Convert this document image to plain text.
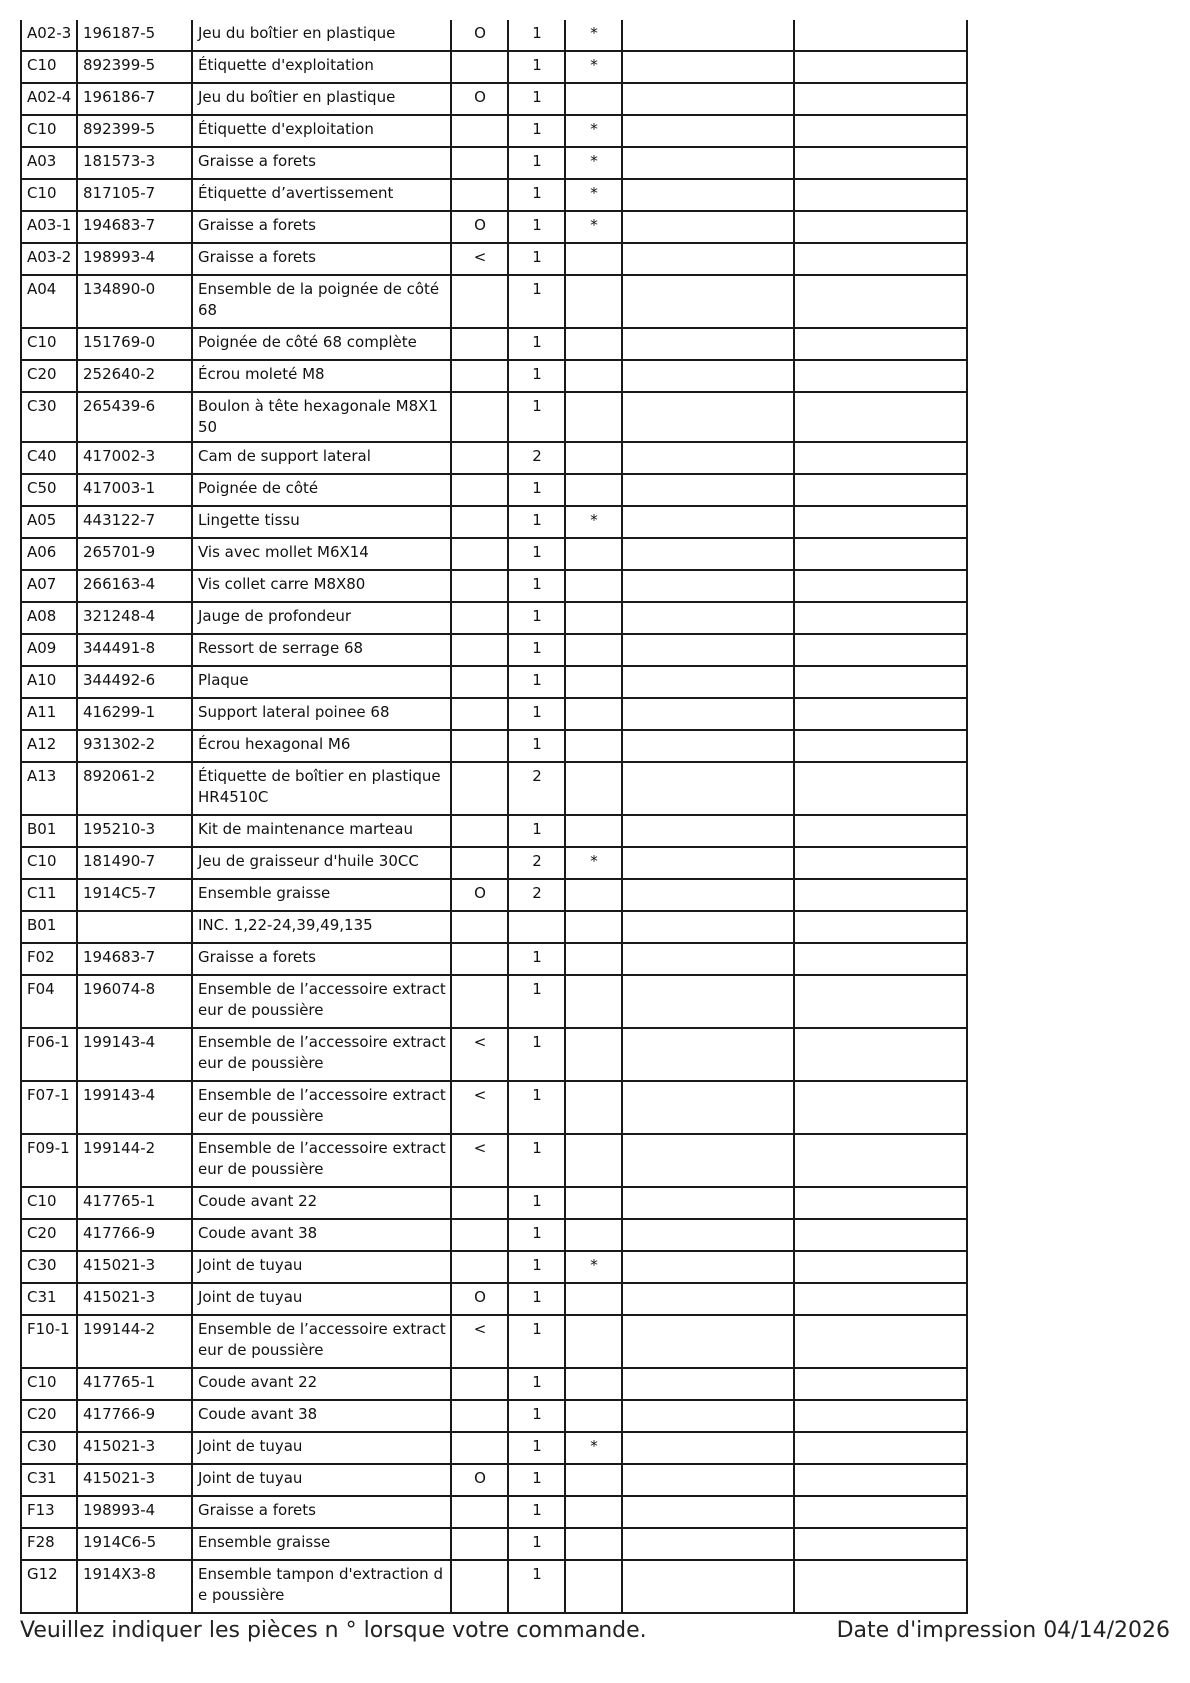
A02-3	196187-5	Jeu du boîtier en plastique	O	1	*		
C10	892399-5	Étiquette d'exploitation		1	*		
A02-4	196186-7	Jeu du boîtier en plastique	O	1			
C10	892399-5	Étiquette d'exploitation		1	*		
A03	181573-3	Graisse a forets		1	*		
C10	817105-7	Étiquette d’avertissement		1	*		
A03-1	194683-7	Graisse a forets	O	1	*		
A03-2	198993-4	Graisse a forets	<	1			
A04	134890-0	Ensemble de la poignée de côté 68		1			
C10	151769-0	Poignée de côté 68 complète		1			
C20	252640-2	Écrou moleté M8		1			
C30	265439-6	Boulon à tête hexagonale M8X150		1			
C40	417002-3	Cam de support lateral		2			
C50	417003-1	Poignée de côté		1			
A05	443122-7	Lingette tissu		1	*		
A06	265701-9	Vis avec mollet M6X14		1			
A07	266163-4	Vis collet carre M8X80		1			
A08	321248-4	Jauge de profondeur		1			
A09	344491-8	Ressort de serrage 68		1			
A10	344492-6	Plaque		1			
A11	416299-1	Support lateral poinee 68		1			
A12	931302-2	Écrou hexagonal M6		1			
A13	892061-2	Étiquette de boîtier en plastique HR4510C		2			
B01	195210-3	Kit de maintenance marteau		1			
C10	181490-7	Jeu de graisseur d'huile 30CC		2	*		
C11	1914C5-7	Ensemble graisse	O	2			
B01		INC. 1,22-24,39,49,135					
F02	194683-7	Graisse a forets		1			
F04	196074-8	Ensemble de l’accessoire extracteur de poussière		1			
F06-1	199143-4	Ensemble de l’accessoire extracteur de poussière	<	1			
F07-1	199143-4	Ensemble de l’accessoire extracteur de poussière	<	1			
F09-1	199144-2	Ensemble de l’accessoire extracteur de poussière	<	1			
C10	417765-1	Coude avant 22		1			
C20	417766-9	Coude avant 38		1			
C30	415021-3	Joint de tuyau		1	*		
C31	415021-3	Joint de tuyau	O	1			
F10-1	199144-2	Ensemble de l’accessoire extracteur de poussière	<	1			
C10	417765-1	Coude avant 22		1			
C20	417766-9	Coude avant 38		1			
C30	415021-3	Joint de tuyau		1	*		
C31	415021-3	Joint de tuyau	O	1			
F13	198993-4	Graisse a forets		1			
F28	1914C6-5	Ensemble graisse		1			
G12	1914X3-8	Ensemble tampon d'extraction de poussière		1			
Veuillez indiquer les pièces n ° lorsque votre commande.	Date d'impression 04/14/2026
